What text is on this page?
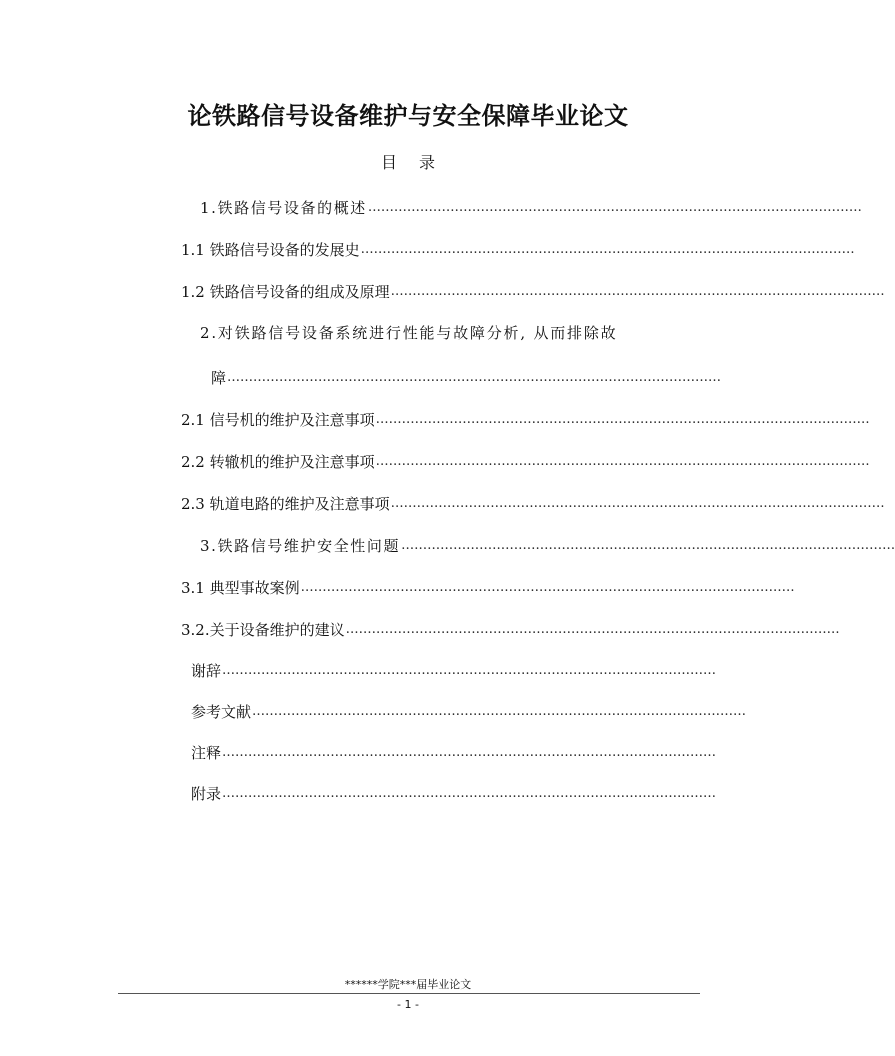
论铁路信号设备维护与安全保障毕业论文
目录
1.铁路信号设备的概述 ……………………………………………………………………………………………………
1.1 铁路信号设备的发展史 ……………………………………………………………………………………………………
1.2 铁路信号设备的组成及原理 ……………………………………………………………………………………………………
2.对铁路信号设备系统进行性能与故障分析, 从而排除故
障 ……………………………………………………………………………………………………
2.1 信号机的维护及注意事项 ……………………………………………………………………………………………………
2.2 转辙机的维护及注意事项 ……………………………………………………………………………………………………
2.3 轨道电路的维护及注意事项 ……………………………………………………………………………………………………
3.铁路信号维护安全性问题 ……………………………………………………………………………………………………
3.1 典型事故案例 ……………………………………………………………………………………………………
3.2.关于设备维护的建议 ……………………………………………………………………………………………………
谢辞 ……………………………………………………………………………………………………
参考文献 ……………………………………………………………………………………………………
注释 ……………………………………………………………………………………………………
附录 ……………………………………………………………………………………………………
******学院***届毕业论文
- 1 -
